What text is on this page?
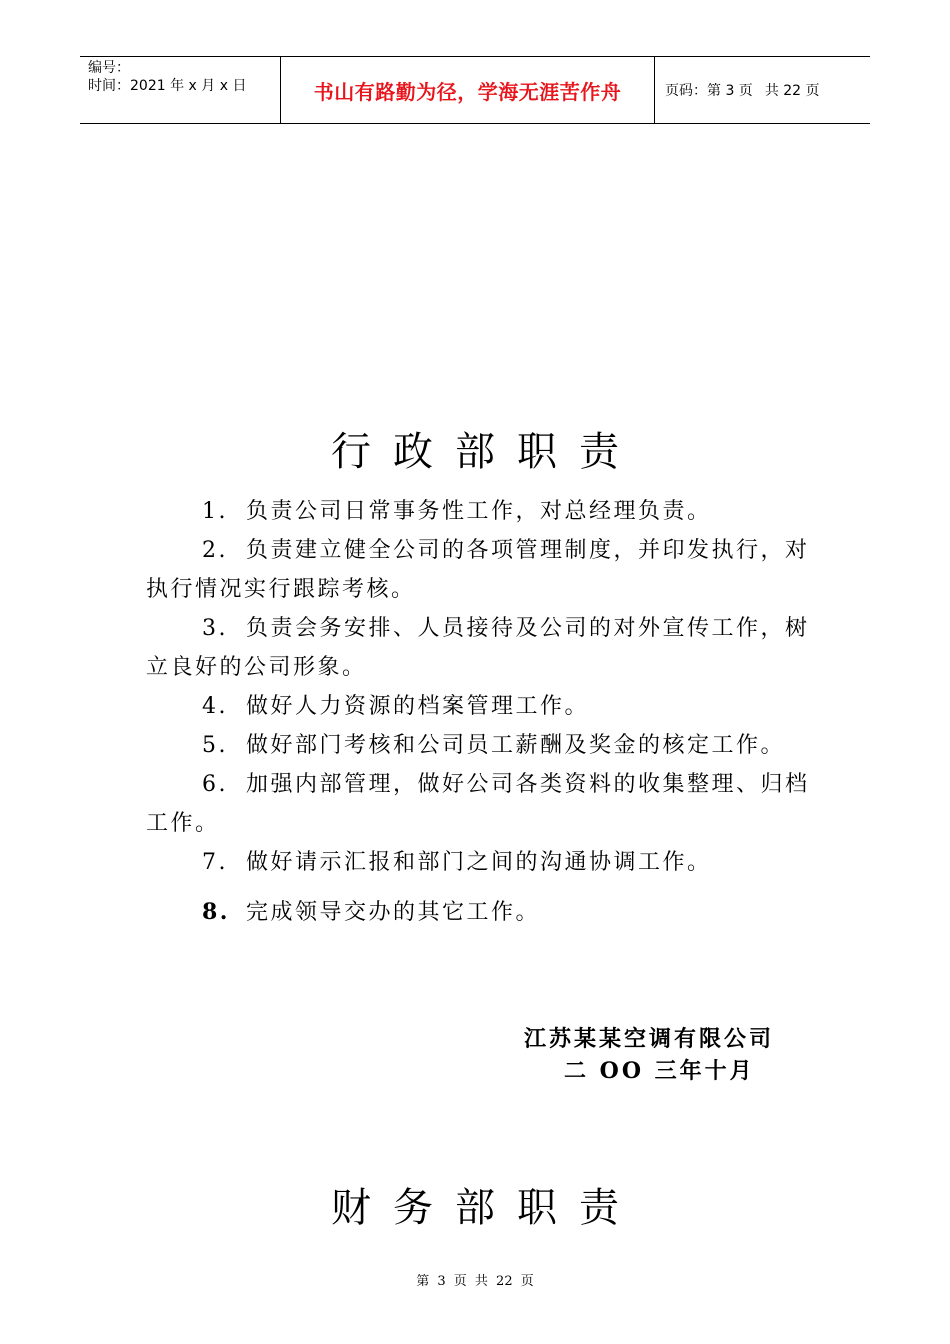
编号：
时间：2021 年 x 月 x 日	书山有路勤为径，学海无涯苦作舟	页码：第 3 页 共 22 页
行政部职责
1. 负责公司日常事务性工作，对总经理负责。
2. 负责建立健全公司的各项管理制度，并印发执行，对执行情况实行跟踪考核。
3. 负责会务安排、人员接待及公司的对外宣传工作，树立良好的公司形象。
4. 做好人力资源的档案管理工作。
5. 做好部门考核和公司员工薪酬及奖金的核定工作。
6. 加强内部管理，做好公司各类资料的收集整理、归档工作。
7. 做好请示汇报和部门之间的沟通协调工作。
8. 完成领导交办的其它工作。
江苏某某空调有限公司
二 OO 三年十月
财务部职责
第 3 页 共 22 页
